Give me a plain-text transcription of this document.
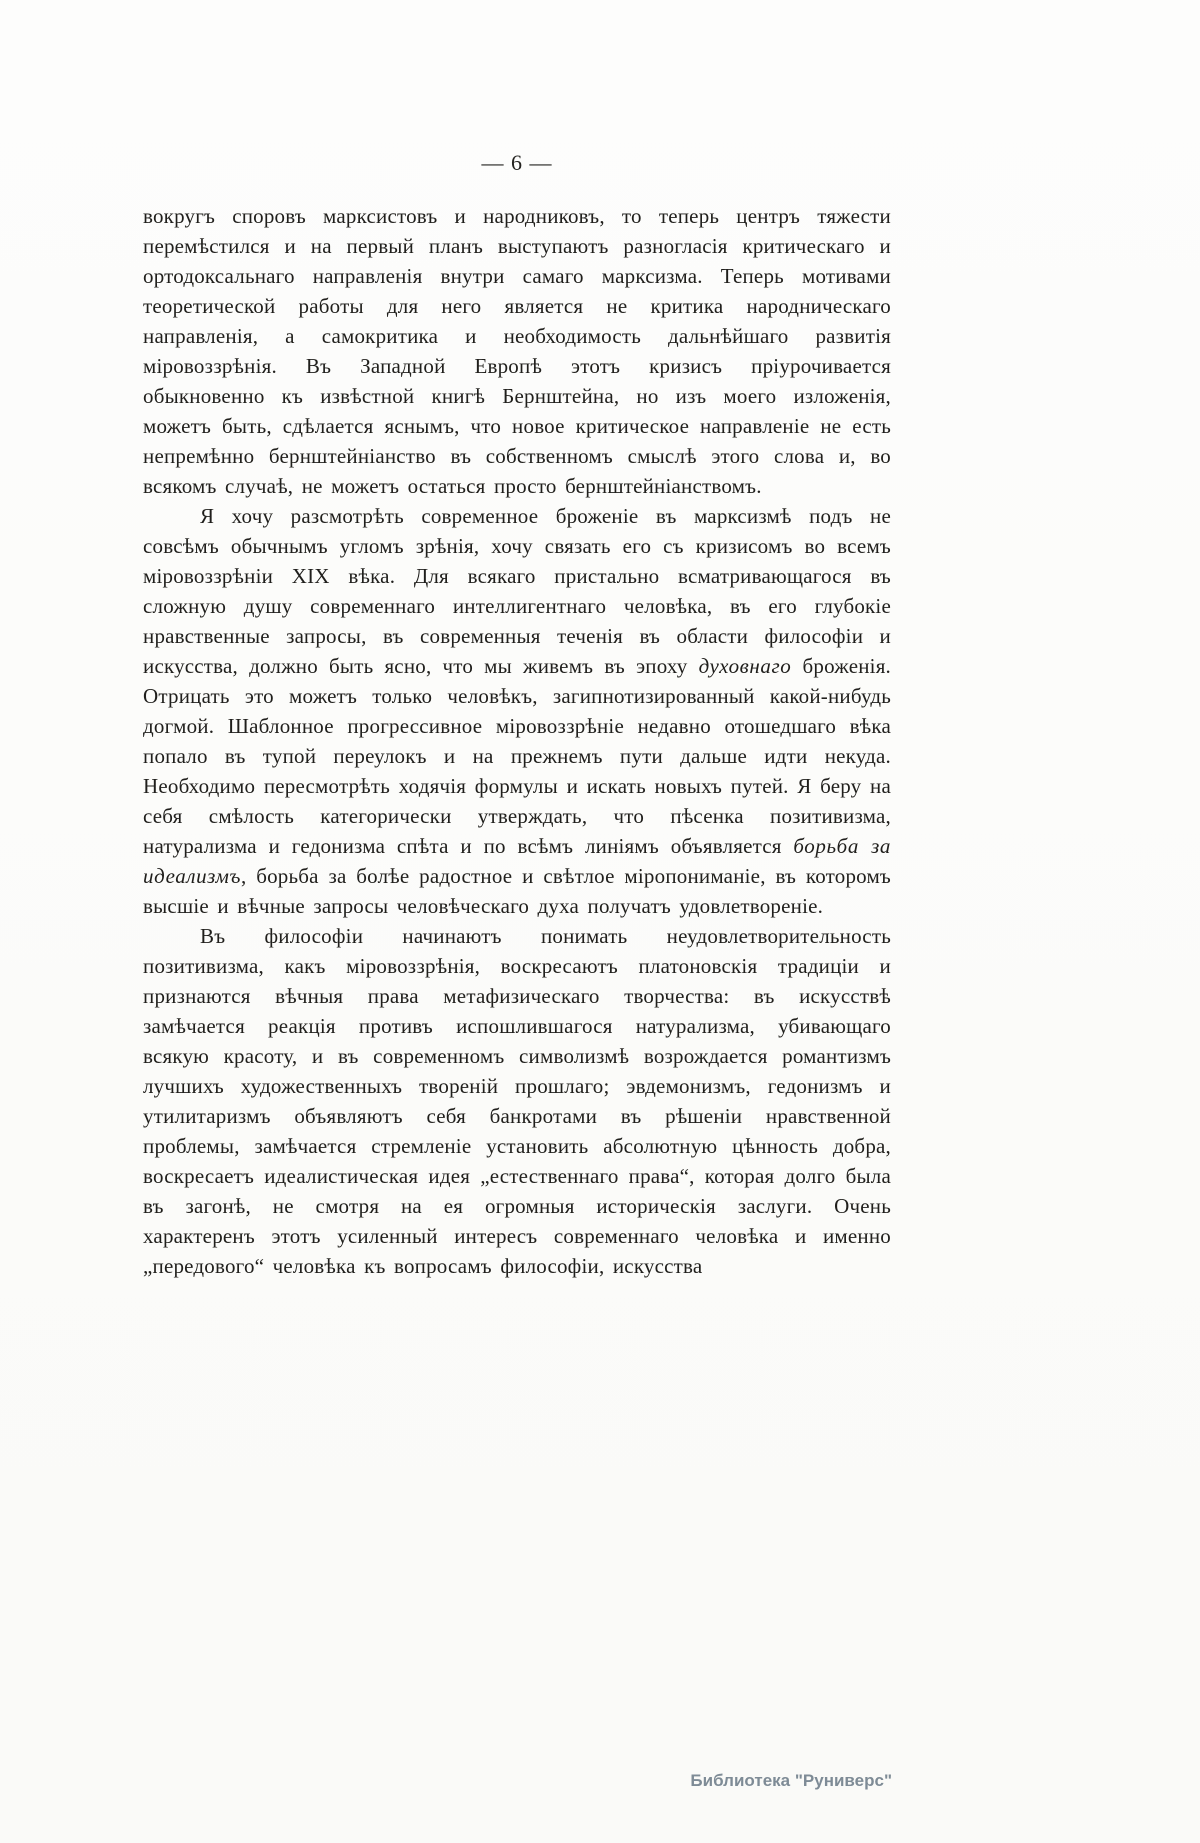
— 6 —

вокругъ споровъ марксистовъ и народниковъ, то теперь центръ тяжести перемѣстился и на первый планъ выступаютъ разногласія критическаго и ортодоксальнаго направленія внутри самаго марксизма. Теперь мотивами теоретической работы для него является не критика народническаго направленія, а самокритика и необходимость дальнѣйшаго развитія міровоззрѣнія. Въ Западной Европѣ этотъ кризисъ пріурочивается обыкновенно къ извѣстной книгѣ Бернштейна, но изъ моего изложенія, можетъ быть, сдѣлается яснымъ, что новое критическое направленіе не есть непремѣнно бернштейніанство въ собственномъ смыслѣ этого слова и, во всякомъ случаѣ, не можетъ остаться просто бернштейніанствомъ.

Я хочу разсмотрѣть современное броженіе въ марксизмѣ подъ не совсѣмъ обычнымъ угломъ зрѣнія, хочу связать его съ кризисомъ во всемъ міровоззрѣніи XIX вѣка. Для всякаго пристально всматривающагося въ сложную душу современнаго интеллигентнаго человѣка, въ его глубокіе нравственные запросы, въ современныя теченія въ области философіи и искусства, должно быть ясно, что мы живемъ въ эпоху духовнаго броженія. Отрицать это можетъ только человѣкъ, загипнотизированный какой-нибудь догмой. Шаблонное прогрессивное міровоззрѣніе недавно отошедшаго вѣка попало въ тупой переулокъ и на прежнемъ пути дальше идти некуда. Необходимо пересмотрѣть ходячія формулы и искать новыхъ путей. Я беру на себя смѣлость категорически утверждать, что пѣсенка позитивизма, натурализма и гедонизма спѣта и по всѣмъ линіямъ объявляется борьба за идеализмъ, борьба за болѣе радостное и свѣтлое міропониманіе, въ которомъ высшіе и вѣчные запросы человѣческаго духа получатъ удовлетвореніе.

Въ философіи начинаютъ понимать неудовлетворительность позитивизма, какъ міровоззрѣнія, воскресаютъ платоновскія традиціи и признаются вѣчныя права метафизическаго творчества: въ искусствѣ замѣчается реакція противъ испошлившагося натурализма, убивающаго всякую красоту, и въ современномъ символизмѣ возрождается романтизмъ лучшихъ художественныхъ твореній прошлаго; эвдемонизмъ, гедонизмъ и утилитаризмъ объявляютъ себя банкротами въ рѣшеніи нравственной проблемы, замѣчается стремленіе установить абсолютную цѣнность добра, воскресаетъ идеалистическая идея „естественнаго права“, которая долго была въ загонѣ, не смотря на ея огромныя историческія заслуги. Очень характеренъ этотъ усиленный интересъ современнаго человѣка и именно „передового“ человѣка къ вопросамъ философіи, искусства

Библиотека "Руниверс"
